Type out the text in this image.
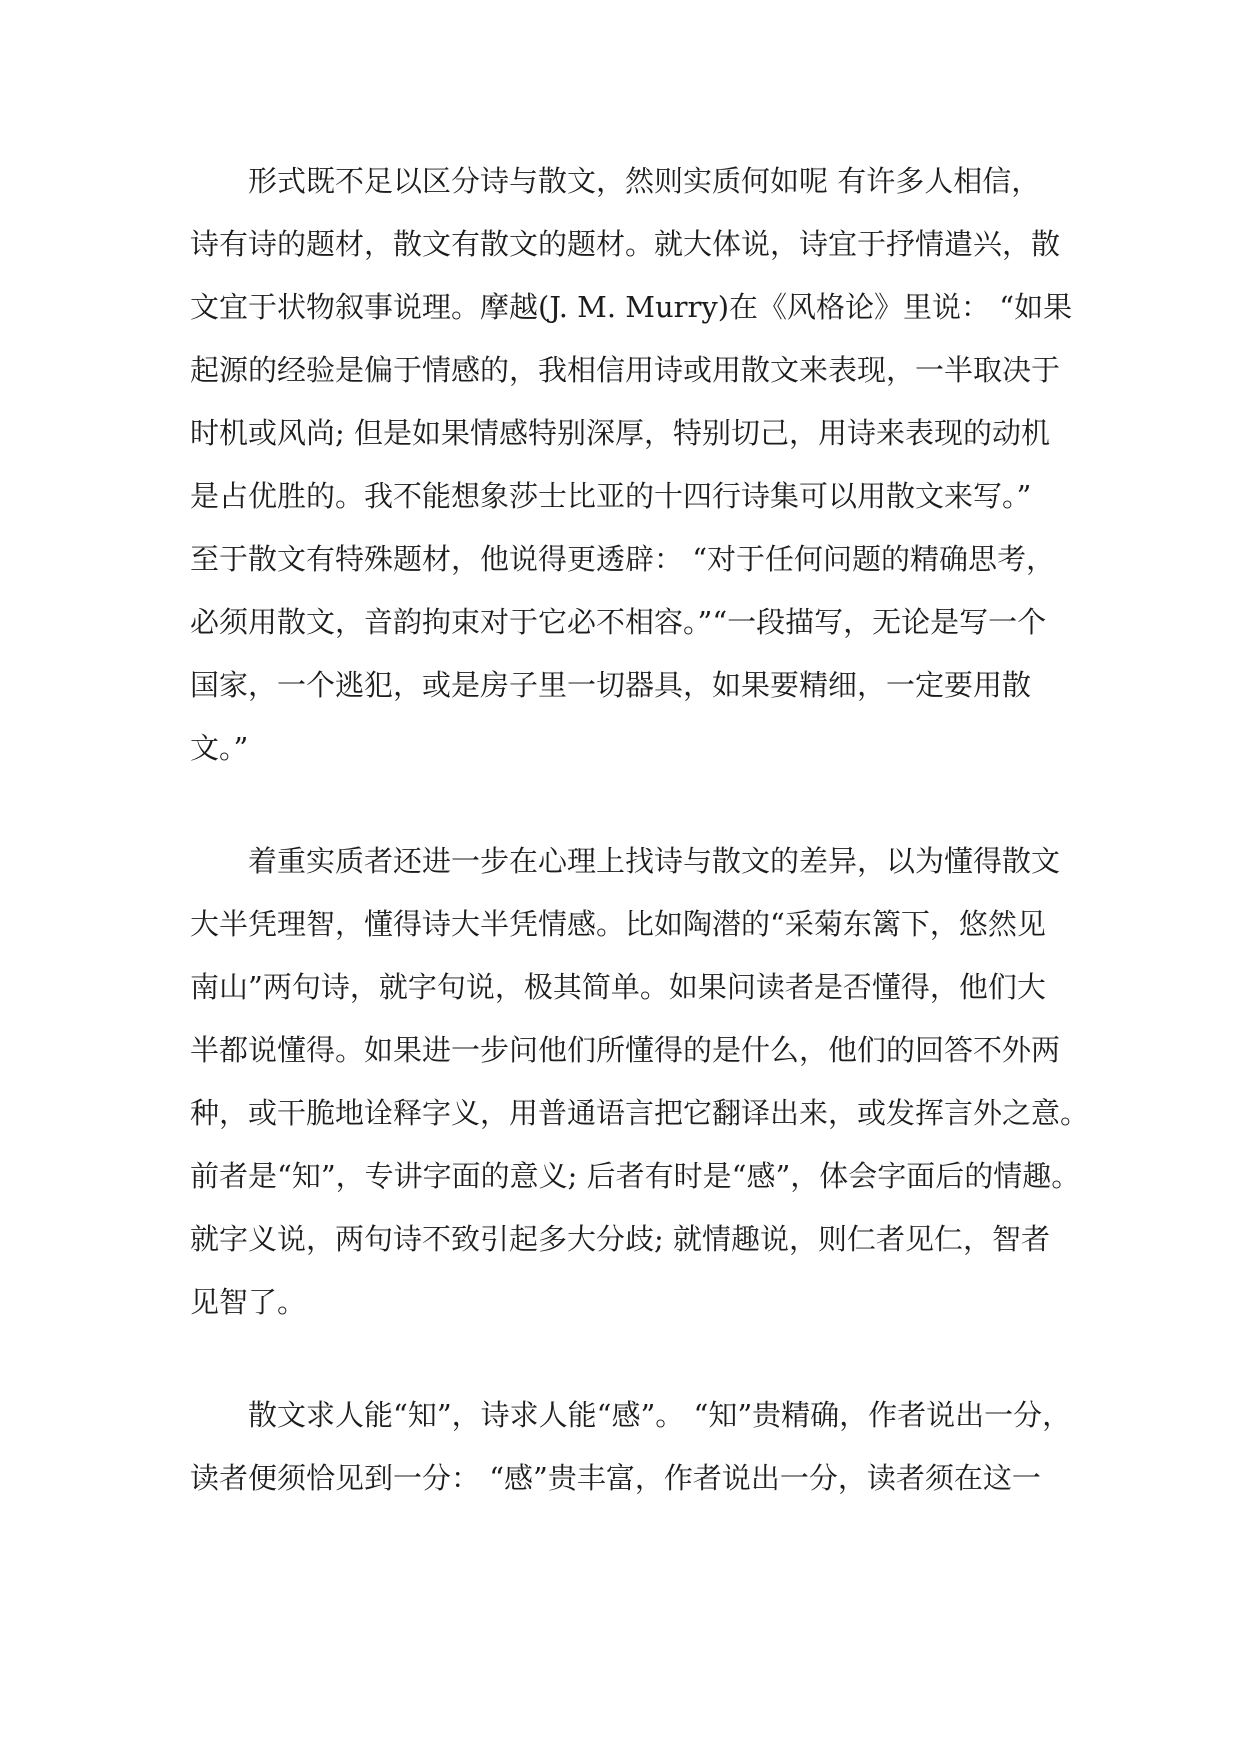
形式既不足以区分诗与散文，然则实质何如呢 有许多人相信，
诗有诗的题材，散文有散文的题材。就大体说，诗宜于抒情遣兴，散
文宜于状物叙事说理。摩越(J. M. Murry)在《风格论》里说： “如果
起源的经验是偏于情感的，我相信用诗或用散文来表现，一半取决于
时机或风尚; 但是如果情感特别深厚，特别切己，用诗来表现的动机
是占优胜的。我不能想象莎士比亚的十四行诗集可以用散文来写。”
至于散文有特殊题材，他说得更透辟： “对于任何问题的精确思考，
必须用散文，音韵拘束对于它必不相容。”“一段描写，无论是写一个
国家，一个逃犯，或是房子里一切器具，如果要精细，一定要用散
文。”
着重实质者还进一步在心理上找诗与散文的差异，以为懂得散文
大半凭理智，懂得诗大半凭情感。比如陶潜的“采菊东篱下，悠然见
南山”两句诗，就字句说，极其简单。如果问读者是否懂得，他们大
半都说懂得。如果进一步问他们所懂得的是什么，他们的回答不外两
种，或干脆地诠释字义，用普通语言把它翻译出来，或发挥言外之意。
前者是“知”，专讲字面的意义; 后者有时是“感”，体会字面后的情趣。
就字义说，两句诗不致引起多大分歧; 就情趣说，则仁者见仁，智者
见智了。
散文求人能“知”，诗求人能“感”。 “知”贵精确，作者说出一分，
读者便须恰见到一分： “感”贵丰富，作者说出一分，读者须在这一
